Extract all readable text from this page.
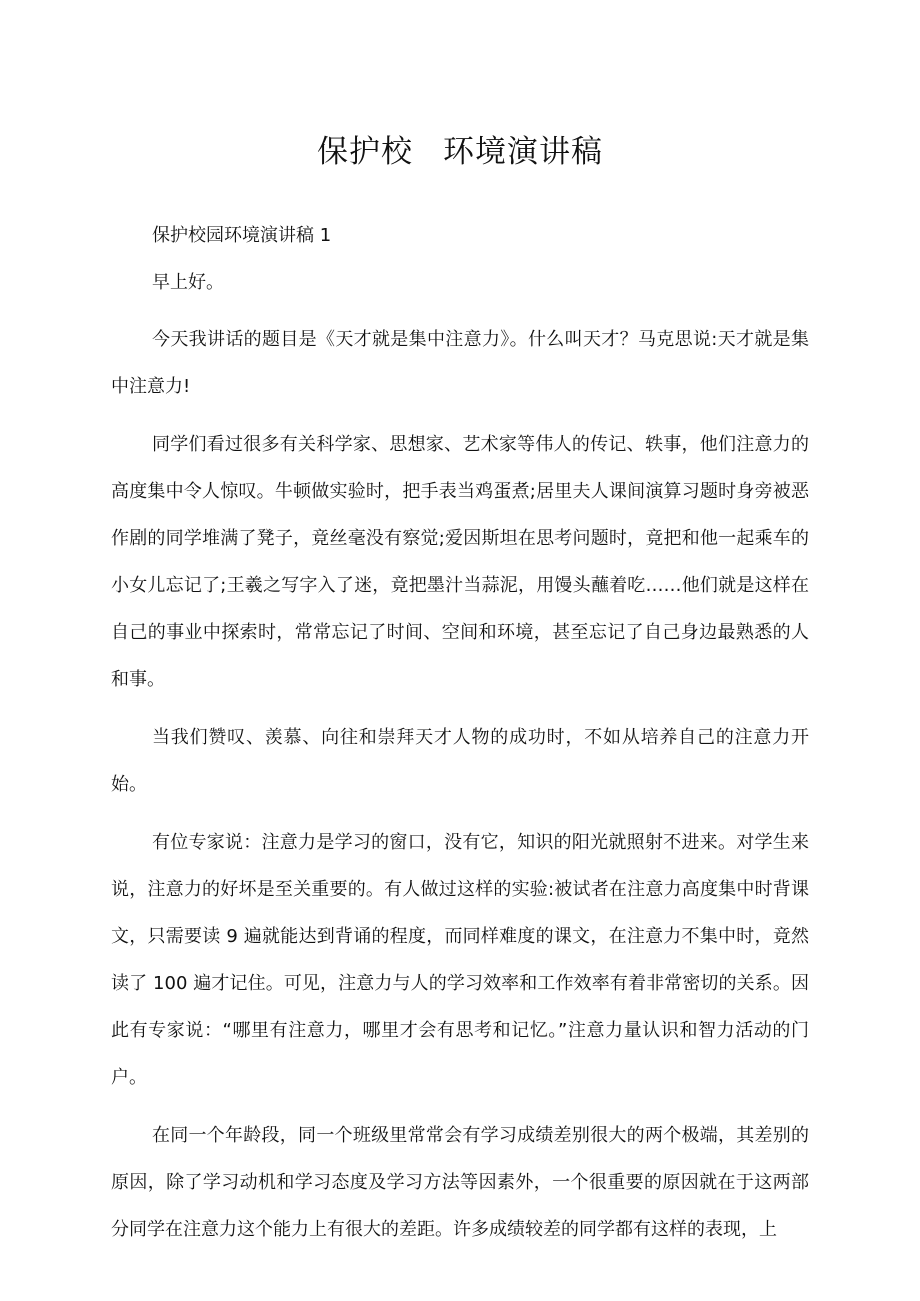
保护校 环境演讲稿

保护校园环境演讲稿 1

早上好。

今天我讲话的题目是《天才就是集中注意力》。什么叫天才？马克思说:天才就是集中注意力!

同学们看过很多有关科学家、思想家、艺术家等伟人的传记、轶事，他们注意力的高度集中令人惊叹。牛顿做实验时，把手表当鸡蛋煮;居里夫人课间演算习题时身旁被恶作剧的同学堆满了凳子，竟丝毫没有察觉;爱因斯坦在思考问题时，竟把和他一起乘车的小女儿忘记了;王羲之写字入了迷，竟把墨汁当蒜泥，用馒头蘸着吃……他们就是这样在自己的事业中探索时，常常忘记了时间、空间和环境，甚至忘记了自己身边最熟悉的人和事。

当我们赞叹、羡慕、向往和崇拜天才人物的成功时，不如从培养自己的注意力开始。

有位专家说：注意力是学习的窗口，没有它，知识的阳光就照射不进来。对学生来说，注意力的好坏是至关重要的。有人做过这样的实验:被试者在注意力高度集中时背课文，只需要读 9 遍就能达到背诵的程度，而同样难度的课文，在注意力不集中时，竟然读了 100 遍才记住。可见，注意力与人的学习效率和工作效率有着非常密切的关系。因此有专家说：“哪里有注意力，哪里才会有思考和记忆。”注意力量认识和智力活动的门户。

在同一个年龄段，同一个班级里常常会有学习成绩差别很大的两个极端，其差别的原因，除了学习动机和学习态度及学习方法等因素外，一个很重要的原因就在于这两部分同学在注意力这个能力上有很大的差距。许多成绩较差的同学都有这样的表现，上
